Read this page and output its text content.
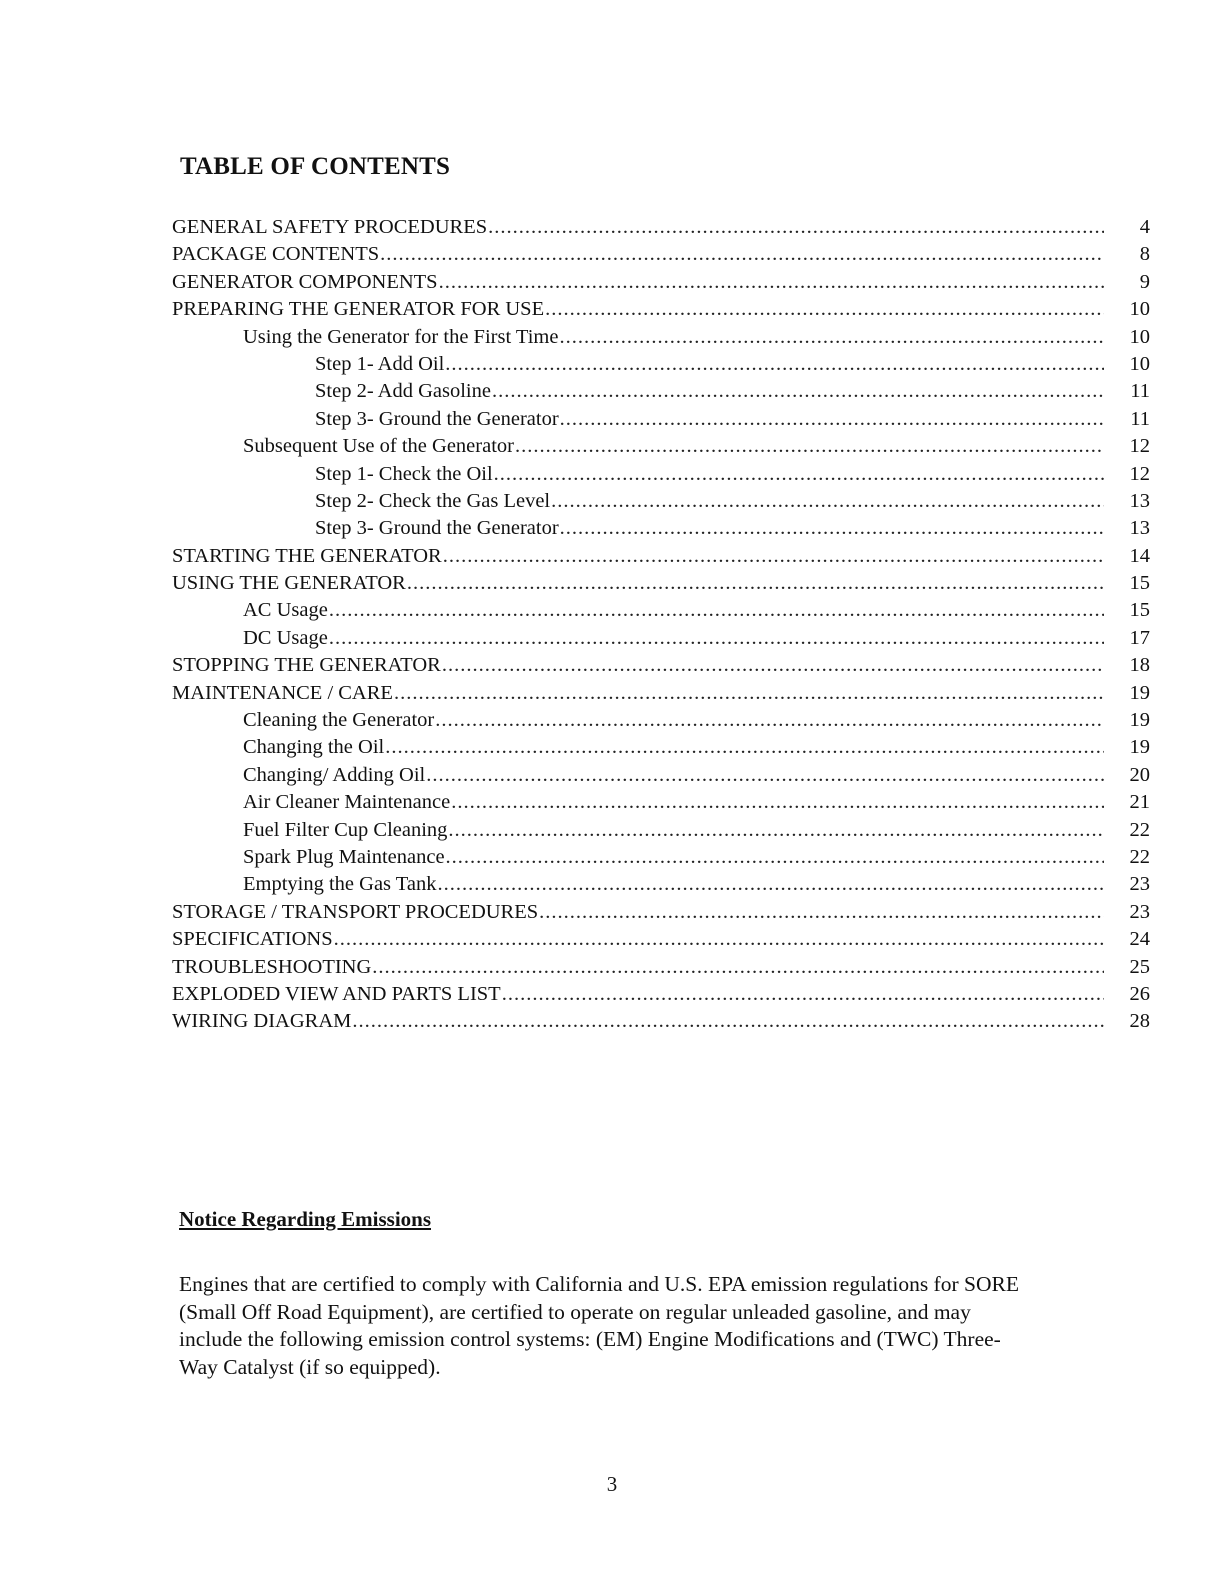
TABLE OF CONTENTS
GENERAL SAFETY PROCEDURES .....	4
PACKAGE CONTENTS .....	8
GENERATOR COMPONENTS .....	9
PREPARING THE GENERATOR FOR USE .....	10
Using the Generator for the First Time .....	10
Step 1- Add Oil .....	10
Step 2- Add Gasoline .....	11
Step 3- Ground the Generator .....	11
Subsequent Use of the Generator .....	12
Step 1- Check the Oil .....	12
Step 2- Check the Gas Level .....	13
Step 3- Ground the Generator .....	13
STARTING THE GENERATOR .....	14
USING THE GENERATOR .....	15
AC Usage .....	15
DC Usage .....	17
STOPPING THE GENERATOR .....	18
MAINTENANCE / CARE .....	19
Cleaning the Generator .....	19
Changing the Oil .....	19
Changing/ Adding Oil .....	20
Air Cleaner Maintenance .....	21
Fuel Filter Cup Cleaning .....	22
Spark Plug Maintenance .....	22
Emptying the Gas Tank .....	23
STORAGE / TRANSPORT PROCEDURES .....	23
SPECIFICATIONS .....	24
TROUBLESHOOTING .....	25
EXPLODED VIEW AND PARTS LIST .....	26
WIRING DIAGRAM .....	28
Notice Regarding Emissions

Engines that are certified to comply with California and U.S. EPA emission regulations for SORE (Small Off Road Equipment), are certified to operate on regular unleaded gasoline, and may include the following emission control systems: (EM) Engine Modifications and (TWC) Three-Way Catalyst (if so equipped).

3
